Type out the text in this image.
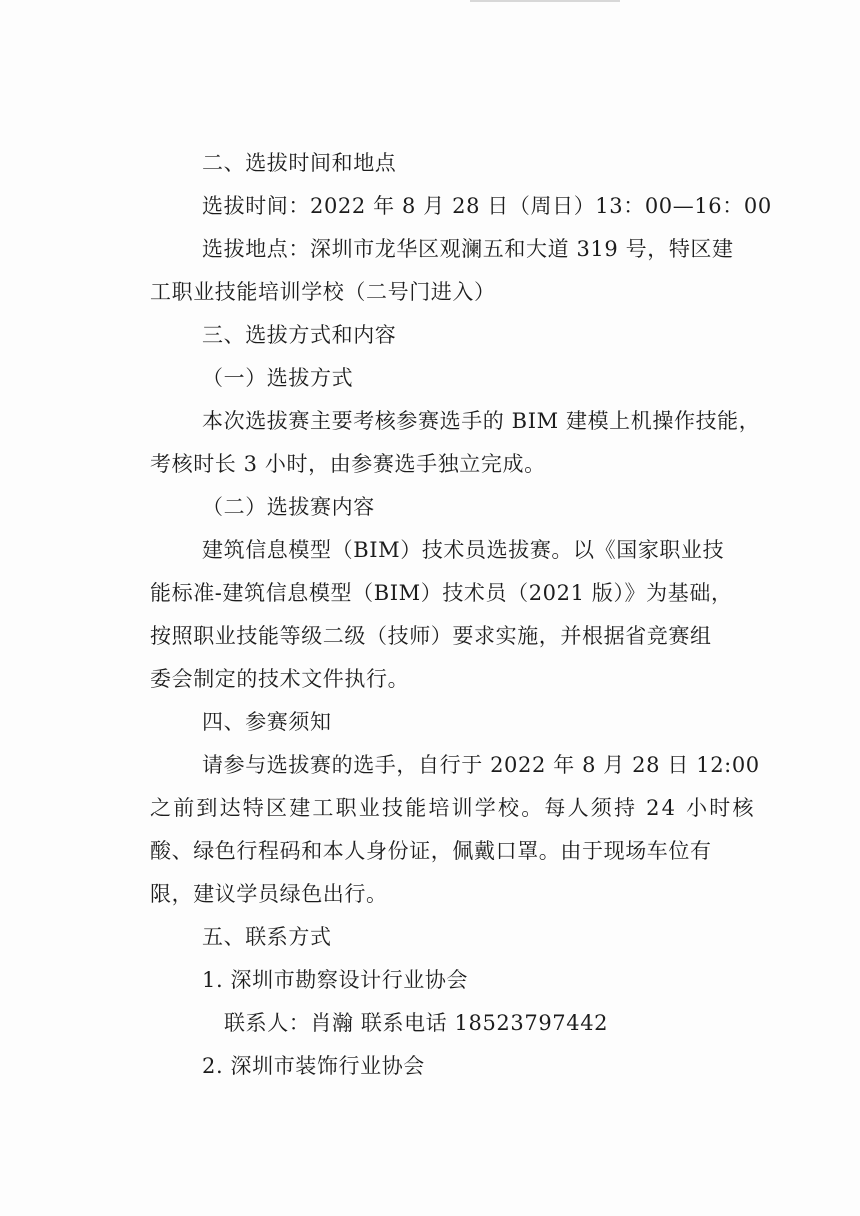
二、选拔时间和地点
选拔时间：2022 年 8 月 28 日（周日）13：00—16：00
选拔地点：深圳市龙华区观澜五和大道 319 号，特区建
工职业技能培训学校（二号门进入）
三、选拔方式和内容
（一）选拔方式
本次选拔赛主要考核参赛选手的 BIM 建模上机操作技能，
考核时长 3 小时，由参赛选手独立完成。
（二）选拔赛内容
建筑信息模型（BIM）技术员选拔赛。以《国家职业技
能标准-建筑信息模型（BIM）技术员（2021 版）》为基础，
按照职业技能等级二级（技师）要求实施，并根据省竞赛组
委会制定的技术文件执行。
四、参赛须知
请参与选拔赛的选手，自行于 2022 年 8 月 28 日 12:00
之前到达特区建工职业技能培训学校。每人须持 24 小时核
酸、绿色行程码和本人身份证，佩戴口罩。由于现场车位有
限，建议学员绿色出行。
五、联系方式
1. 深圳市勘察设计行业协会
联系人：肖瀚 联系电话 18523797442
2. 深圳市装饰行业协会
